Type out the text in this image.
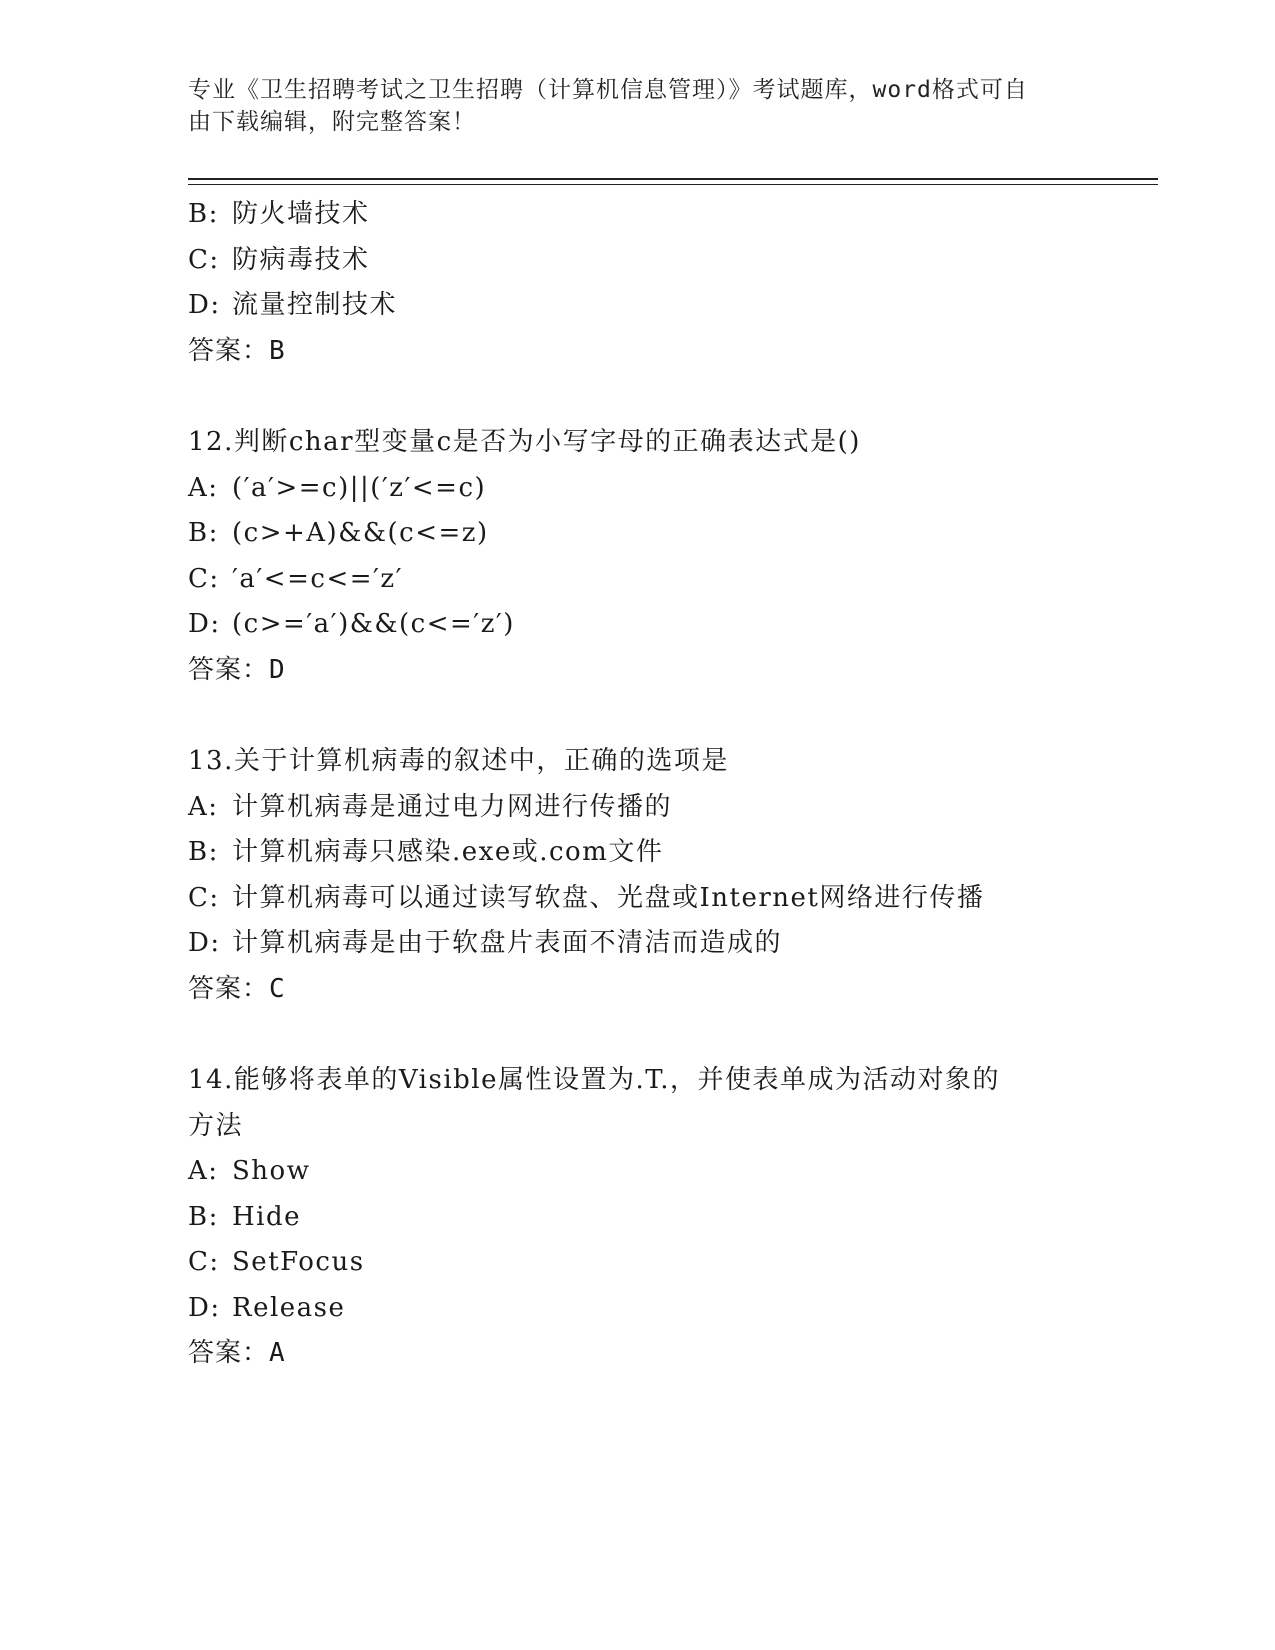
专业《卫生招聘考试之卫生招聘（计算机信息管理）》考试题库，word格式可自
由下载编辑，附完整答案！
B: 防火墙技术
C: 防病毒技术
D: 流量控制技术
答案：B
12.判断char型变量c是否为小写字母的正确表达式是()
A: (′a′>=c)||(′z′<=c)
B: (c>+A)&&(c<=z)
C: ′a′<=c<=′z′
D: (c>=′a′)&&(c<=′z′)
答案：D
13.关于计算机病毒的叙述中，正确的选项是
A: 计算机病毒是通过电力网进行传播的
B: 计算机病毒只感染.exe或.com文件
C: 计算机病毒可以通过读写软盘、光盘或Internet网络进行传播
D: 计算机病毒是由于软盘片表面不清洁而造成的
答案：C
14.能够将表单的Visible属性设置为.T.，并使表单成为活动对象的
方法
A: Show
B: Hide
C: SetFocus
D: Release
答案：A
